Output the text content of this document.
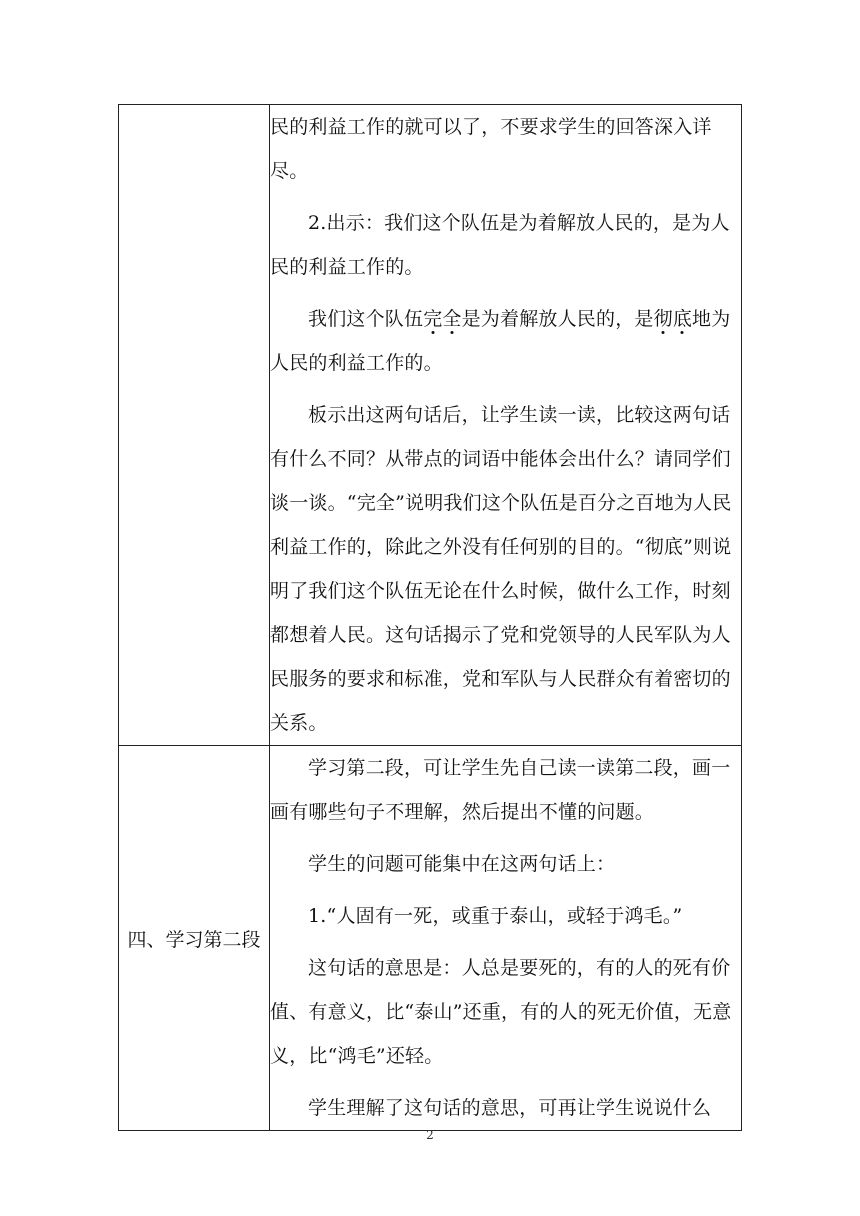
	民的利益工作的就可以了，不要求学生的回答深入详尽。

2.出示：我们这个队伍是为着解放人民的，是为人民的利益工作的。

我们这个队伍完全是为着解放人民的，是彻底地为人民的利益工作的。

板示出这两句话后，让学生读一读，比较这两句话有什么不同？从带点的词语中能体会出什么？请同学们谈一谈。“完全”说明我们这个队伍是百分之百地为人民利益工作的，除此之外没有任何别的目的。“彻底”则说明了我们这个队伍无论在什么时候，做什么工作，时刻都想着人民。这句话揭示了党和党领导的人民军队为人民服务的要求和标准，党和军队与人民群众有着密切的关系。

四、学习第二段	学习第二段，可让学生先自己读一读第二段，画一画有哪些句子不理解，然后提出不懂的问题。

学生的问题可能集中在这两句话上：

1.“人固有一死，或重于泰山，或轻于鸿毛。”

这句话的意思是：人总是要死的，有的人的死有价值、有意义，比“泰山”还重，有的人的死无价值，无意义，比“鸿毛”还轻。

学生理解了这句话的意思，可再让学生说说什么

2
